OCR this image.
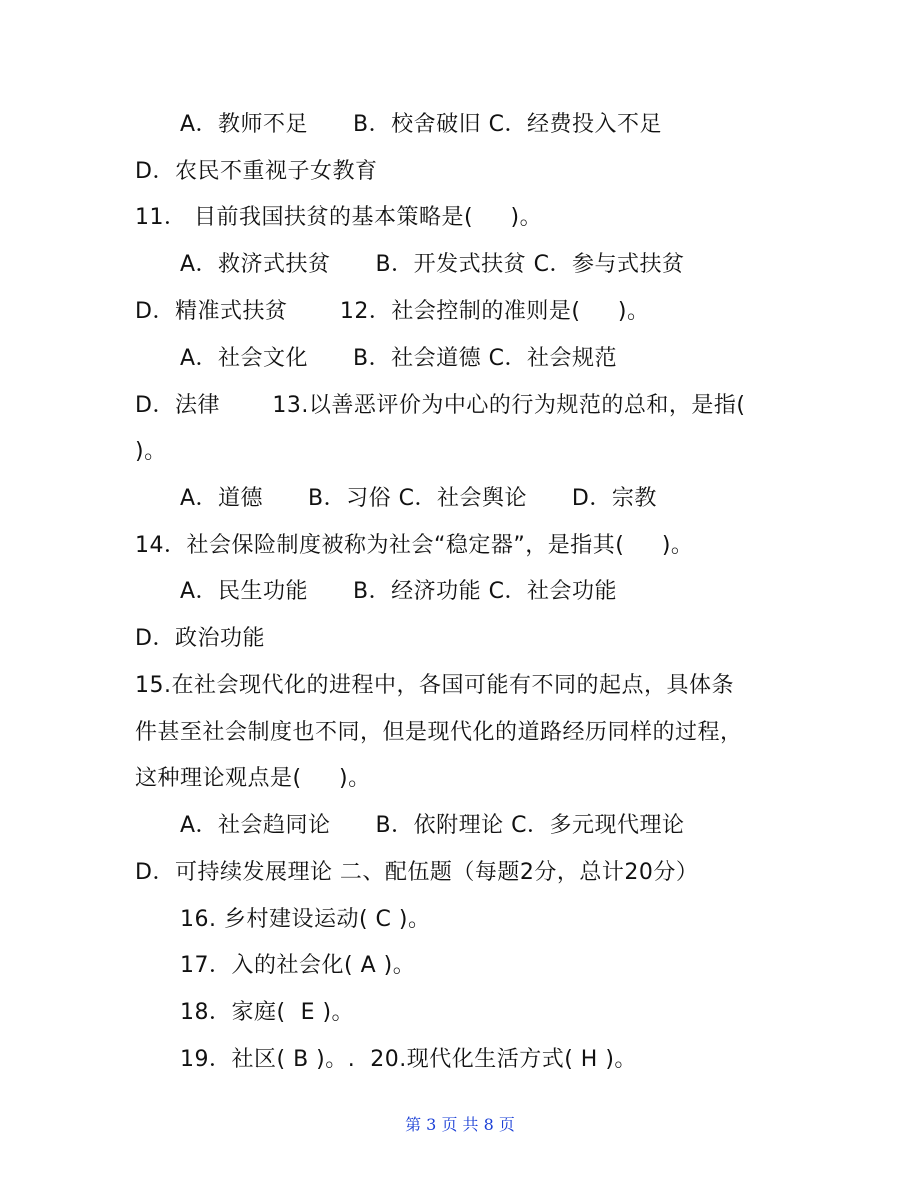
A．教师不足      B．校舍破旧 C．经费投入不足
D．农民不重视子女教育
11． 目前我国扶贫的基本策略是(     )。
A．救济式扶贫      B．开发式扶贫 C．参与式扶贫
D．精准式扶贫       12．社会控制的准则是(     )。
A．社会文化      B．社会道德 C．社会规范
D．法律       13.以善恶评价为中心的行为规范的总和，是指(
)。
A．道德      B．习俗 C．社会舆论      D．宗教
14．社会保险制度被称为社会“稳定器”，是指其(     )。
A．民生功能      B．经济功能 C．社会功能
D．政治功能
15.在社会现代化的进程中，各国可能有不同的起点，具体条
件甚至社会制度也不同，但是现代化的道路经历同样的过程，
这种理论观点是(     )。
A．社会趋同论      B．依附理论 C．多元现代理论
D．可持续发展理论 二、配伍题（每题2分，总计20分）
16. 乡村建设运动( C )。
17．入的社会化( A )。
18．家庭(  E )。
19．社区( B )。.  20.现代化生活方式( H )。
第 3 页 共 8 页
